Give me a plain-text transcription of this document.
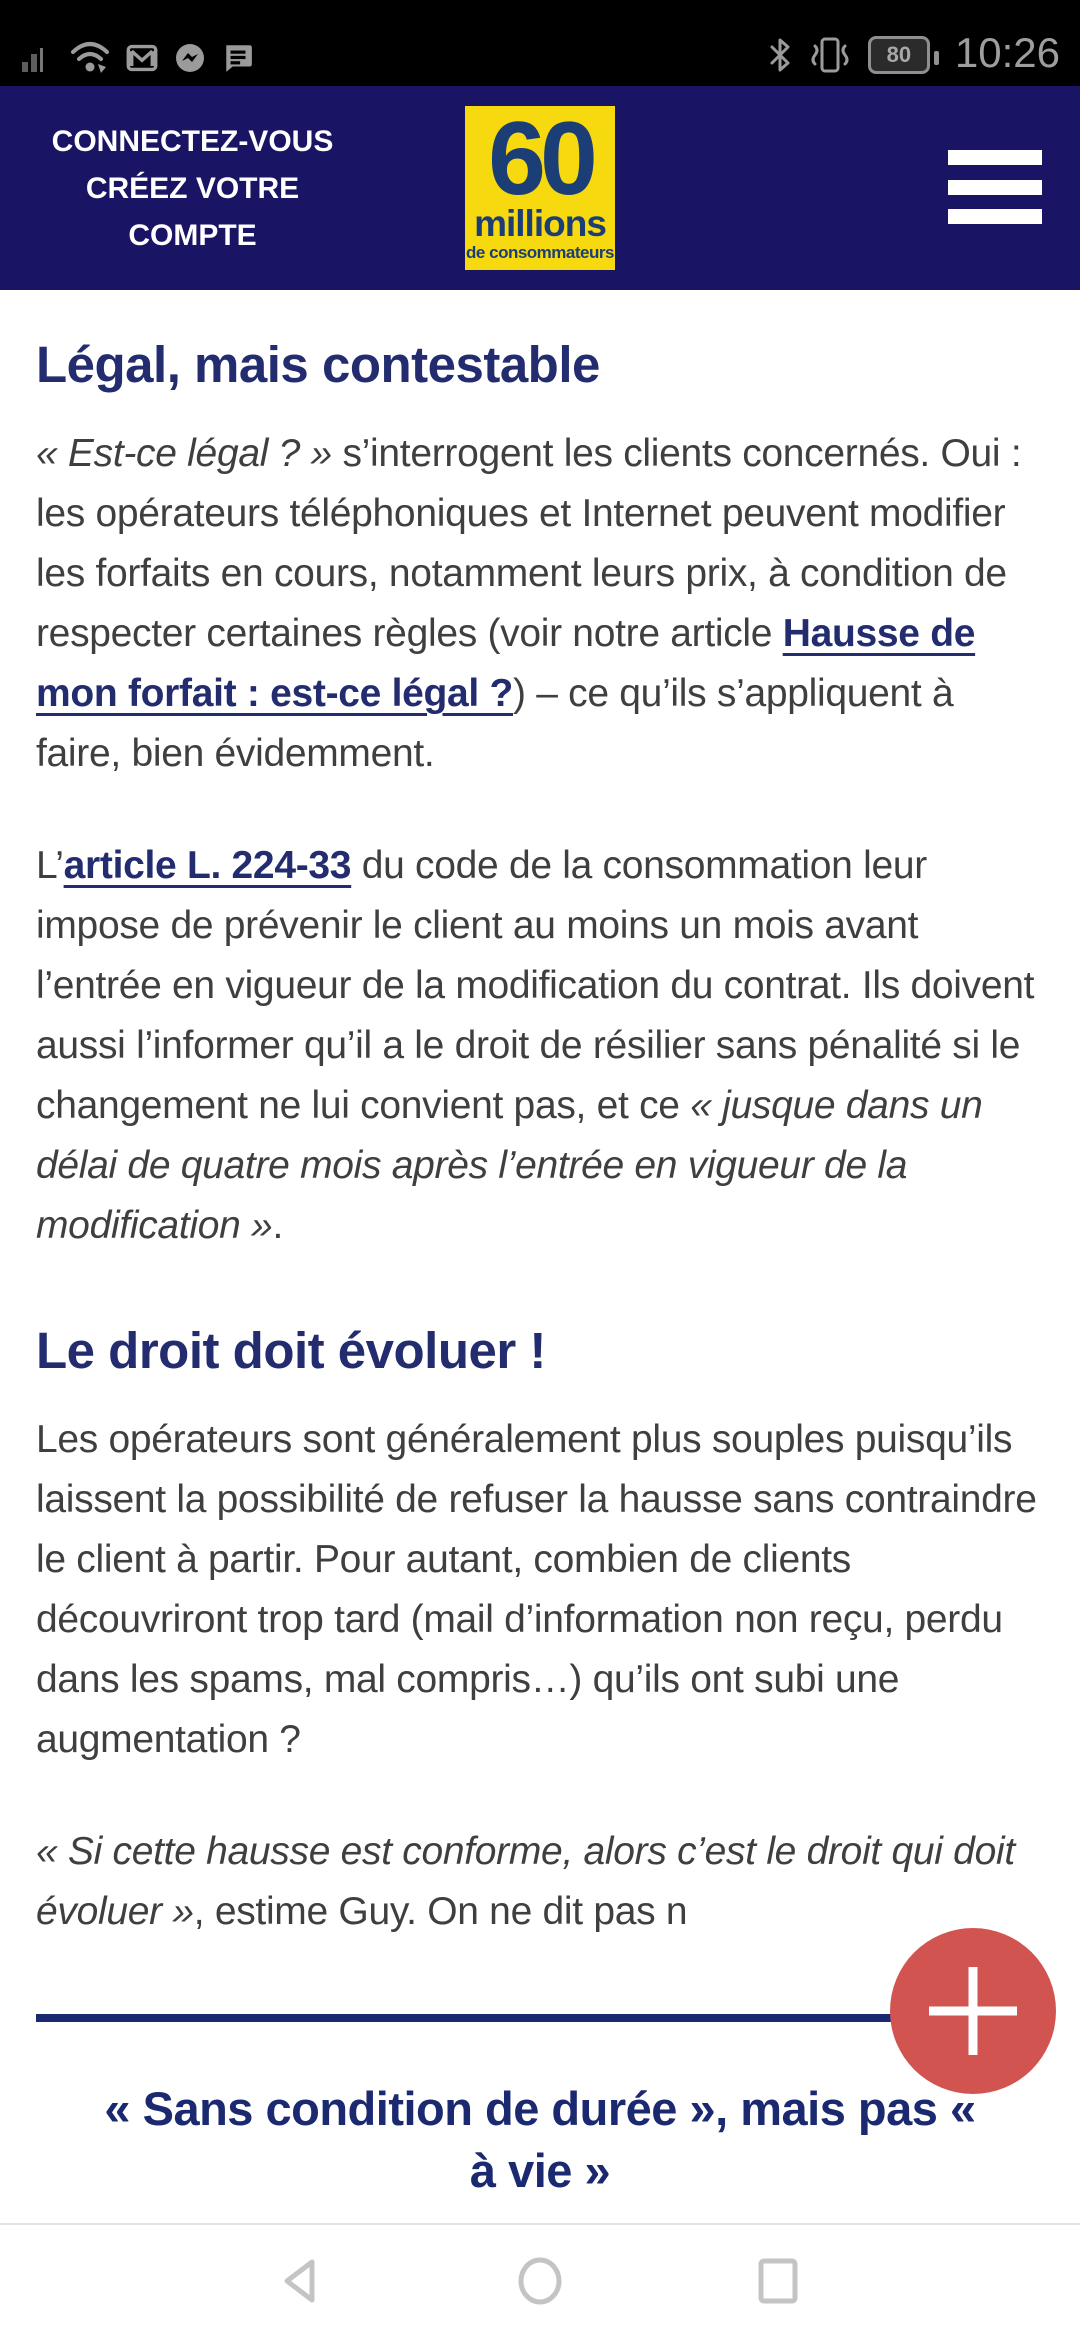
80 10:26
CONNECTEZ-VOUS
CRÉEZ VOTRE COMPTE
60
millions
de consommateurs
Légal, mais contestable

« Est-ce légal ? » s’interrogent les clients concernés. Oui : les opérateurs téléphoniques et Internet peuvent modifier les forfaits en cours, notamment leurs prix, à condition de respecter certaines règles (voir notre article Hausse de mon forfait : est-ce légal ?) – ce qu’ils s’appliquent à faire, bien évidemment.

L’article L. 224-33 du code de la consommation leur impose de prévenir le client au moins un mois avant l’entrée en vigueur de la modification du contrat. Ils doivent aussi l’informer qu’il a le droit de résilier sans pénalité si le changement ne lui convient pas, et ce « jusque dans un délai de quatre mois après l’entrée en vigueur de la modification ».

Le droit doit évoluer !

Les opérateurs sont généralement plus souples puisqu’ils laissent la possibilité de refuser la hausse sans contraindre le client à partir. Pour autant, combien de clients découvriront trop tard (mail d’information non reçu, perdu dans les spams, mal compris…) qu’ils ont subi une augmentation ?

« Si cette hausse est conforme, alors c’est le droit qui doit évoluer », estime Guy. On ne dit pas n

« Sans condition de durée », mais pas « à vie »
